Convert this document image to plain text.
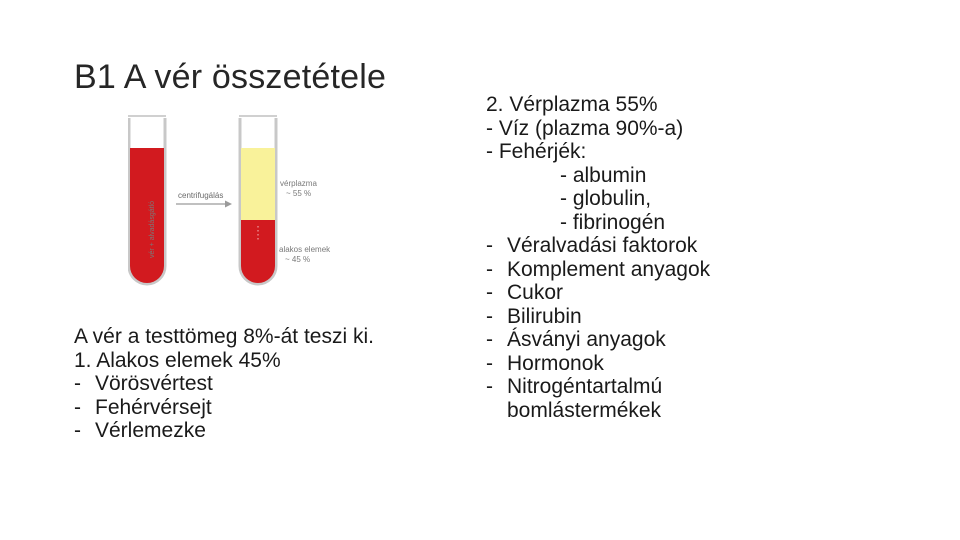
B1 A vér összetétele
vér + alvadásgátló
centrifugálás
vérplazma
~ 55 %
alakos elemek
~ 45 %
A vér a testtömeg 8%-át teszi ki.
1. Alakos elemek 45%
- Vörösvértest
- Fehérvérsejt
- Vérlemezke
2. Vérplazma 55%
- Víz (plazma 90%-a)
- Fehérjék:
- albumin
- globulin,
- fibrinogén
- Véralvadási faktorok
- Komplement anyagok
- Cukor
- Bilirubin
- Ásványi anyagok
- Hormonok
- Nitrogéntartalmú
bomlástermékek
